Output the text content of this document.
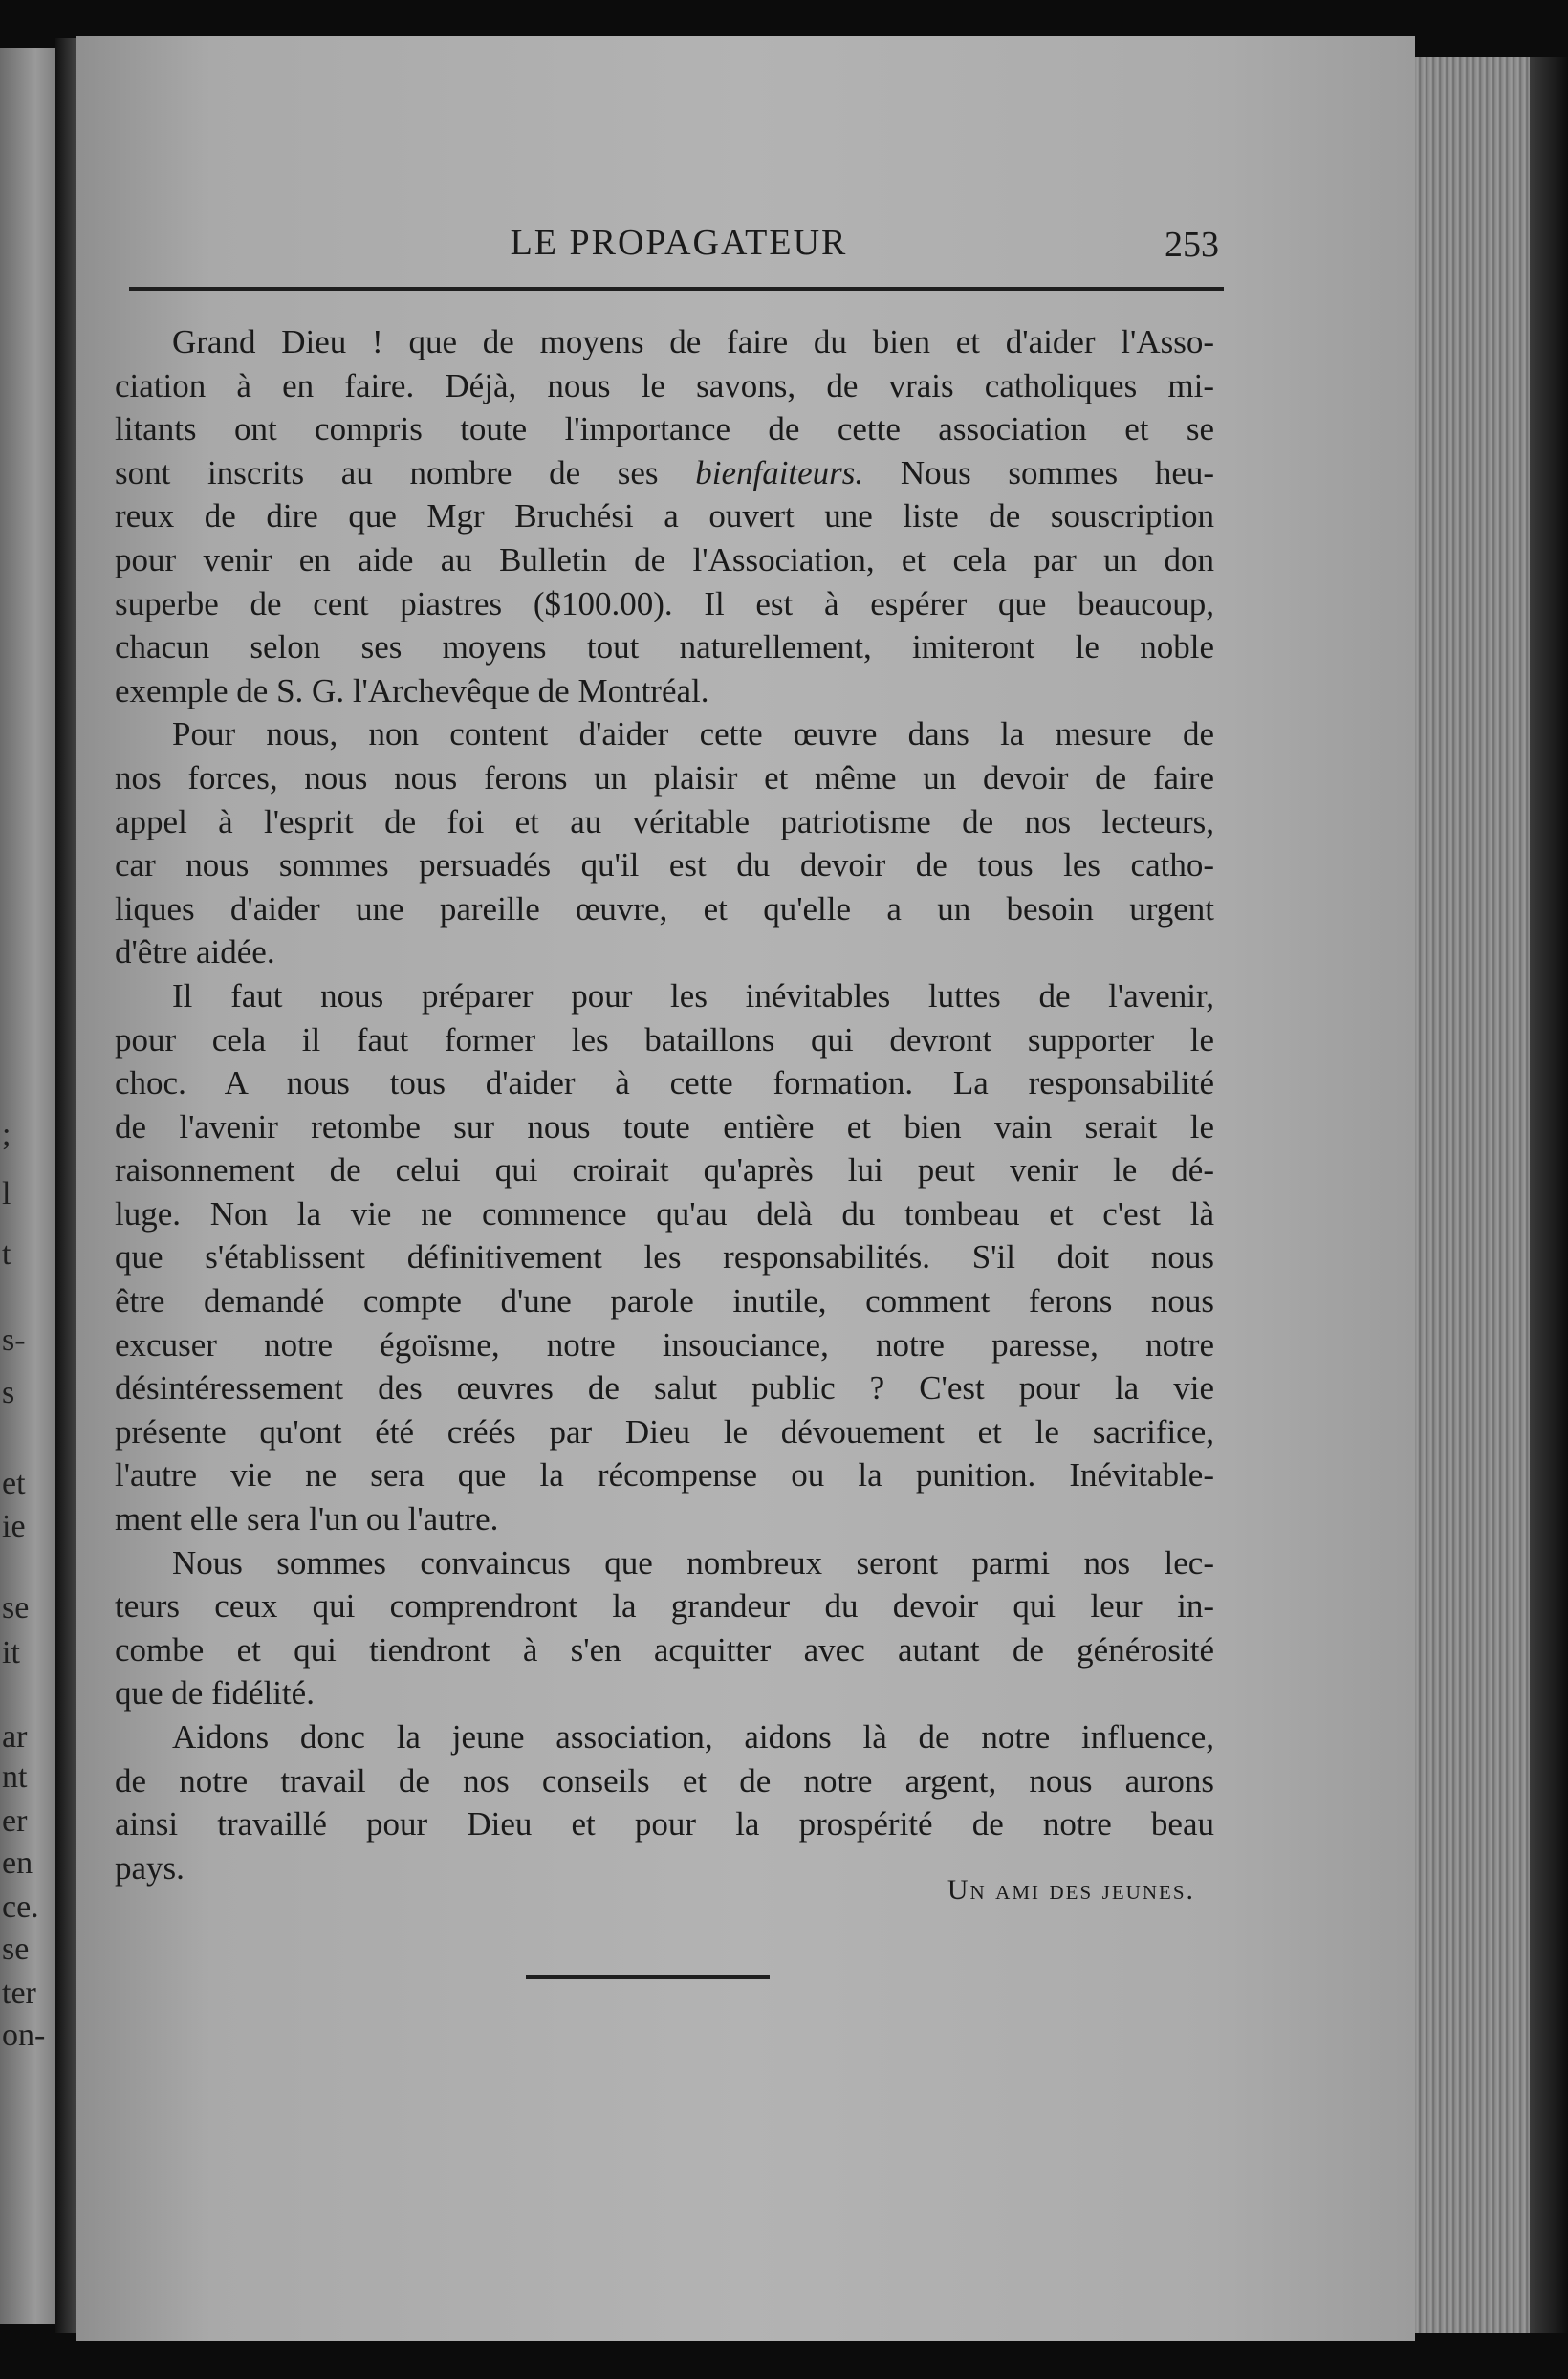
;
l
t
s-
s
et
ie
se
it
ar
nt
er
en
ce.
se
ter
on-
LE PROPAGATEUR	253
Grand Dieu ! que de moyens de faire du bien et d'aider l'Asso-
ciation à en faire. Déjà, nous le savons, de vrais catholiques mi-
litants ont compris toute l'importance de cette association et se
sont inscrits au nombre de ses bienfaiteurs. Nous sommes heu-
reux de dire que Mgr Bruchési a ouvert une liste de souscription
pour venir en aide au Bulletin de l'Association, et cela par un don
superbe de cent piastres ($100.00). Il est à espérer que beaucoup,
chacun selon ses moyens tout naturellement, imiteront le noble
exemple de S. G. l'Archevêque de Montréal.
Pour nous, non content d'aider cette œuvre dans la mesure de
nos forces, nous nous ferons un plaisir et même un devoir de faire
appel à l'esprit de foi et au véritable patriotisme de nos lecteurs,
car nous sommes persuadés qu'il est du devoir de tous les catho-
liques d'aider une pareille œuvre, et qu'elle a un besoin urgent
d'être aidée.
Il faut nous préparer pour les inévitables luttes de l'avenir,
pour cela il faut former les bataillons qui devront supporter le
choc. A nous tous d'aider à cette formation. La responsabilité
de l'avenir retombe sur nous toute entière et bien vain serait le
raisonnement de celui qui croirait qu'après lui peut venir le dé-
luge. Non la vie ne commence qu'au delà du tombeau et c'est là
que s'établissent définitivement les responsabilités. S'il doit nous
être demandé compte d'une parole inutile, comment ferons nous
excuser notre égoïsme, notre insouciance, notre paresse, notre
désintéressement des œuvres de salut public ? C'est pour la vie
présente qu'ont été créés par Dieu le dévouement et le sacrifice,
l'autre vie ne sera que la récompense ou la punition. Inévitable-
ment elle sera l'un ou l'autre.
Nous sommes convaincus que nombreux seront parmi nos lec-
teurs ceux qui comprendront la grandeur du devoir qui leur in-
combe et qui tiendront à s'en acquitter avec autant de générosité
que de fidélité.
Aidons donc la jeune association, aidons là de notre influence,
de notre travail de nos conseils et de notre argent, nous aurons
ainsi travaillé pour Dieu et pour la prospérité de notre beau
pays.
Un ami des jeunes.
